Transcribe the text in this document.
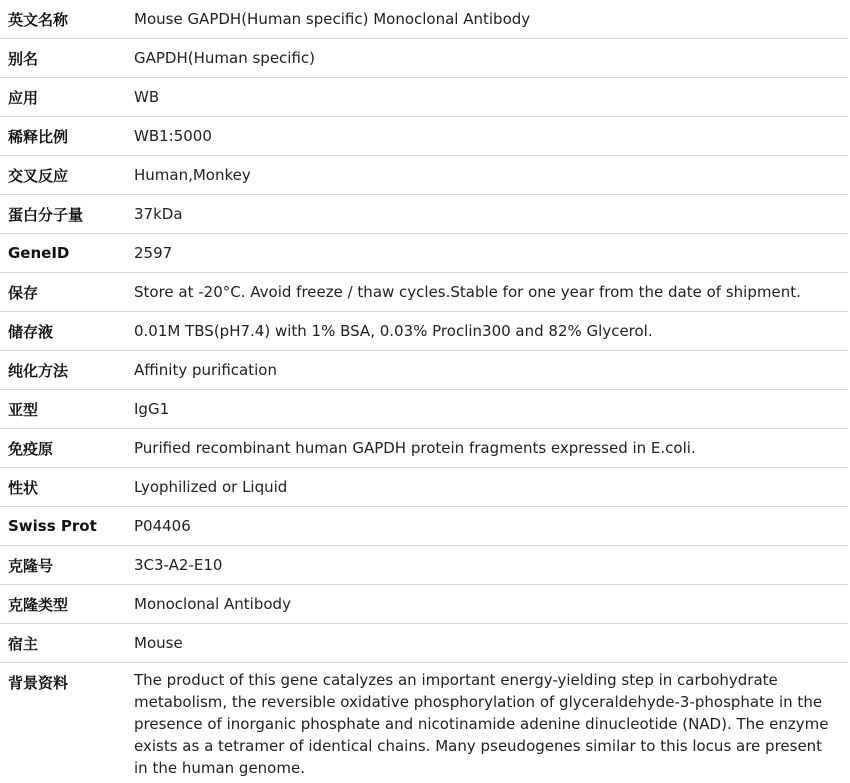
英文名称	Mouse GAPDH(Human specific) Monoclonal Antibody
别名	GAPDH(Human specific)
应用	WB
稀释比例	WB1:5000
交叉反应	Human,Monkey
蛋白分子量	37kDa
GeneID	2597
保存	Store at -20°C. Avoid freeze / thaw cycles.Stable for one year from the date of shipment.
储存液	0.01M TBS(pH7.4) with 1% BSA, 0.03% Proclin300 and 82% Glycerol.
纯化方法	Affinity purification
亚型	IgG1
免疫原	Purified recombinant human GAPDH protein fragments expressed in E.coli.
性状	Lyophilized or Liquid
Swiss Prot	P04406
克隆号	3C3-A2-E10
克隆类型	Monoclonal Antibody
宿主	Mouse
背景资料	The product of this gene catalyzes an important energy-yielding step in carbohydrate metabolism, the reversible oxidative phosphorylation of glyceraldehyde-3-phosphate in the presence of inorganic phosphate and nicotinamide adenine dinucleotide (NAD). The enzyme exists as a tetramer of identical chains. Many pseudogenes similar to this locus are present in the human genome.
